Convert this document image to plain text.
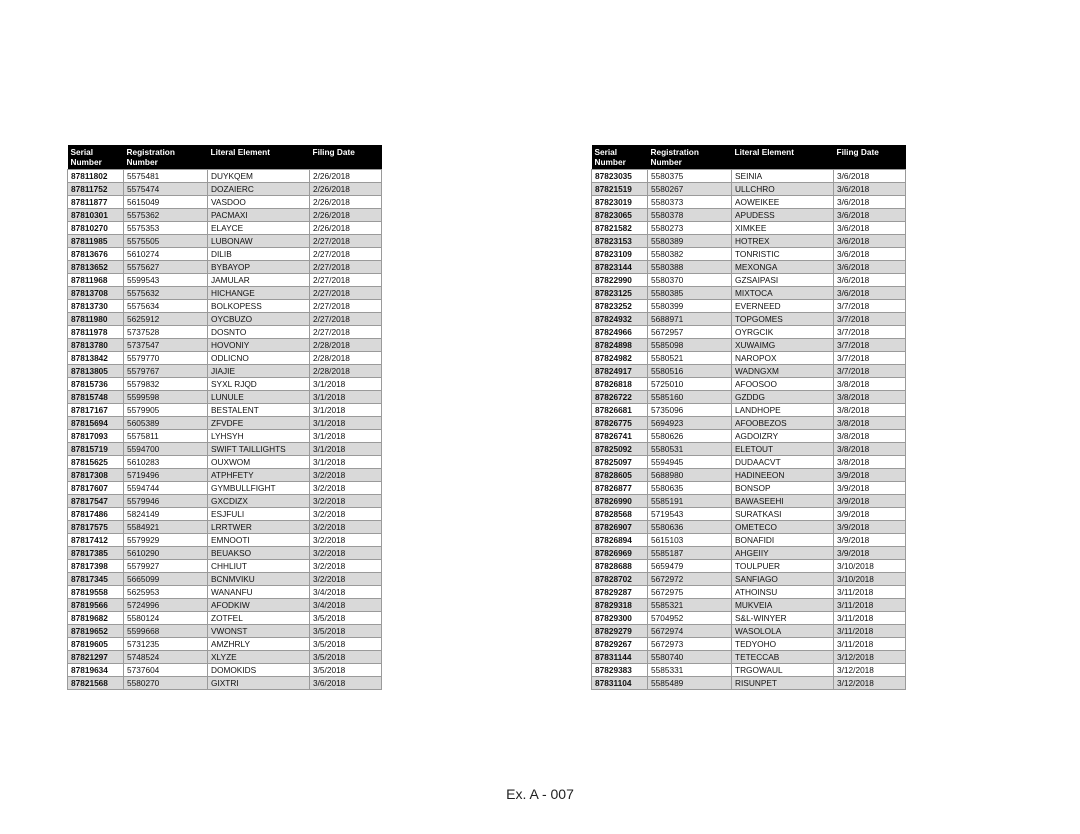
Serial Number	Registration Number	Literal Element	Filing Date
87811802	5575481	DUYKQEM	2/26/2018
87811752	5575474	DOZAIERC	2/26/2018
87811877	5615049	VASDOO	2/26/2018
87810301	5575362	PACMAXI	2/26/2018
87810270	5575353	ELAYCE	2/26/2018
87811985	5575505	LUBONAW	2/27/2018
87813676	5610274	DILIB	2/27/2018
87813652	5575627	BYBAYOP	2/27/2018
87811968	5599543	JAMULAR	2/27/2018
87813708	5575632	HICHANGE	2/27/2018
87813730	5575634	BOLKOPESS	2/27/2018
87811980	5625912	OYCBUZO	2/27/2018
87811978	5737528	DOSNTO	2/27/2018
87813780	5737547	HOVONIY	2/28/2018
87813842	5579770	ODLICNO	2/28/2018
87813805	5579767	JIAJIE	2/28/2018
87815736	5579832	SYXL RJQD	3/1/2018
87815748	5599598	LUNULE	3/1/2018
87817167	5579905	BESTALENT	3/1/2018
87815694	5605389	ZFVDFE	3/1/2018
87817093	5575811	LYHSYH	3/1/2018
87815719	5594700	SWIFT TAILLIGHTS	3/1/2018
87815625	5610283	OUXWOM	3/1/2018
87817308	5719496	ATPHFETY	3/2/2018
87817607	5594744	GYMBULLFIGHT	3/2/2018
87817547	5579946	GXCDIZX	3/2/2018
87817486	5824149	ESJFULI	3/2/2018
87817575	5584921	LRRTWER	3/2/2018
87817412	5579929	EMNOOTI	3/2/2018
87817385	5610290	BEUAKSO	3/2/2018
87817398	5579927	CHHLIUT	3/2/2018
87817345	5665099	BCNMVIKU	3/2/2018
87819558	5625953	WANANFU	3/4/2018
87819566	5724996	AFODKIW	3/4/2018
87819682	5580124	ZOTFEL	3/5/2018
87819652	5599668	VWONST	3/5/2018
87819605	5731235	AMZHRLY	3/5/2018
87821297	5748524	XLYZE	3/5/2018
87819634	5737604	DOMOKIDS	3/5/2018
87821568	5580270	GIXTRI	3/6/2018
Serial Number	Registration Number	Literal Element	Filing Date
87823035	5580375	SEINIA	3/6/2018
87821519	5580267	ULLCHRO	3/6/2018
87823019	5580373	AOWEIKEE	3/6/2018
87823065	5580378	APUDESS	3/6/2018
87821582	5580273	XIMKEE	3/6/2018
87823153	5580389	HOTREX	3/6/2018
87823109	5580382	TONRISTIC	3/6/2018
87823144	5580388	MEXONGA	3/6/2018
87822990	5580370	GZSAIPASI	3/6/2018
87823125	5580385	MIXTOCA	3/6/2018
87823252	5580399	EVERNEED	3/7/2018
87824932	5688971	TOPGOMES	3/7/2018
87824966	5672957	OYRGCIK	3/7/2018
87824898	5585098	XUWAIMG	3/7/2018
87824982	5580521	NAROPOX	3/7/2018
87824917	5580516	WADNGXM	3/7/2018
87826818	5725010	AFOOSOO	3/8/2018
87826722	5585160	GZDDG	3/8/2018
87826681	5735096	LANDHOPE	3/8/2018
87826775	5694923	AFOOBEZOS	3/8/2018
87826741	5580626	AGDOIZRY	3/8/2018
87825092	5580531	ELETOUT	3/8/2018
87825097	5594945	DUDAACVT	3/8/2018
87828605	5688980	HADINEEON	3/9/2018
87826877	5580635	BONSOP	3/9/2018
87826990	5585191	BAWASEEHI	3/9/2018
87828568	5719543	SURATKASI	3/9/2018
87826907	5580636	OMETECO	3/9/2018
87826894	5615103	BONAFIDI	3/9/2018
87826969	5585187	AHGEIIY	3/9/2018
87828688	5659479	TOULPUER	3/10/2018
87828702	5672972	SANFIAGO	3/10/2018
87829287	5672975	ATHOINSU	3/11/2018
87829318	5585321	MUKVEIA	3/11/2018
87829300	5704952	S&L-WINYER	3/11/2018
87829279	5672974	WASOLOLA	3/11/2018
87829267	5672973	TEDYOHO	3/11/2018
87831144	5580740	TETECCAB	3/12/2018
87829383	5585331	TRGOWAUL	3/12/2018
87831104	5585489	RISUNPET	3/12/2018
Ex. A - 007
